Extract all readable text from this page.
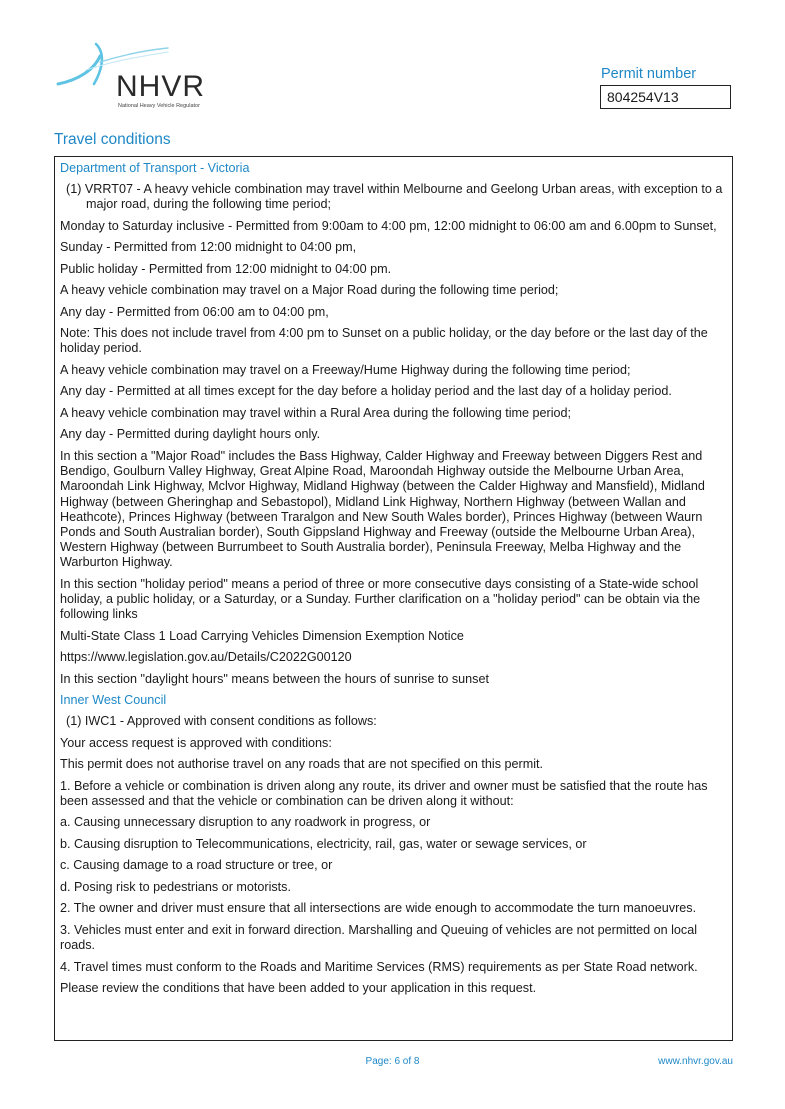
NHVR
National Heavy Vehicle Regulator
Permit number
804254V13
Travel conditions
Department of Transport - Victoria
(1) VRRT07 - A heavy vehicle combination may travel within Melbourne and Geelong Urban areas, with exception to a major road, during the following time period;
Monday to Saturday inclusive - Permitted from 9:00am to 4:00 pm, 12:00 midnight to 06:00 am and 6.00pm to Sunset,
Sunday - Permitted from 12:00 midnight to 04:00 pm,
Public holiday - Permitted from 12:00 midnight to 04:00 pm.
A heavy vehicle combination may travel on a Major Road during the following time period;
Any day - Permitted from 06:00 am to 04:00 pm,
Note: This does not include travel from 4:00 pm to Sunset on a public holiday, or the day before or the last day of the holiday period.
A heavy vehicle combination may travel on a Freeway/Hume Highway during the following time period;
Any day - Permitted at all times except for the day before a holiday period and the last day of a holiday period.
A heavy vehicle combination may travel within a Rural Area during the following time period;
Any day - Permitted during daylight hours only.
In this section a "Major Road" includes the Bass Highway, Calder Highway and Freeway between Diggers Rest and Bendigo, Goulburn Valley Highway, Great Alpine Road, Maroondah Highway outside the Melbourne Urban Area, Maroondah Link Highway, Mclvor Highway, Midland Highway (between the Calder Highway and Mansfield), Midland Highway (between Gheringhap and Sebastopol), Midland Link Highway, Northern Highway (between Wallan and Heathcote), Princes Highway (between Traralgon and New South Wales border), Princes Highway (between Waurn Ponds and South Australian border), South Gippsland Highway and Freeway (outside the Melbourne Urban Area), Western Highway (between Burrumbeet to South Australia border), Peninsula Freeway, Melba Highway and the Warburton Highway.
In this section "holiday period" means a period of three or more consecutive days consisting of a State-wide school holiday, a public holiday, or a Saturday, or a Sunday. Further clarification on a "holiday period" can be obtain via the following links
Multi-State Class 1 Load Carrying Vehicles Dimension Exemption Notice
https://www.legislation.gov.au/Details/C2022G00120
In this section "daylight hours" means between the hours of sunrise to sunset
Inner West Council
(1) IWC1 - Approved with consent conditions as follows:
Your access request is approved with conditions:
This permit does not authorise travel on any roads that are not specified on this permit.
1. Before a vehicle or combination is driven along any route, its driver and owner must be satisfied that the route has been assessed and that the vehicle or combination can be driven along it without:
a. Causing unnecessary disruption to any roadwork in progress, or
b. Causing disruption to Telecommunications, electricity, rail, gas, water or sewage services, or
c. Causing damage to a road structure or tree, or
d. Posing risk to pedestrians or motorists.
2. The owner and driver must ensure that all intersections are wide enough to accommodate the turn manoeuvres.
3. Vehicles must enter and exit in forward direction. Marshalling and Queuing of vehicles are not permitted on local roads.
4. Travel times must conform to the Roads and Maritime Services (RMS) requirements as per State Road network.
Please review the conditions that have been added to your application in this request.
Page: 6 of 8	www.nhvr.gov.au
